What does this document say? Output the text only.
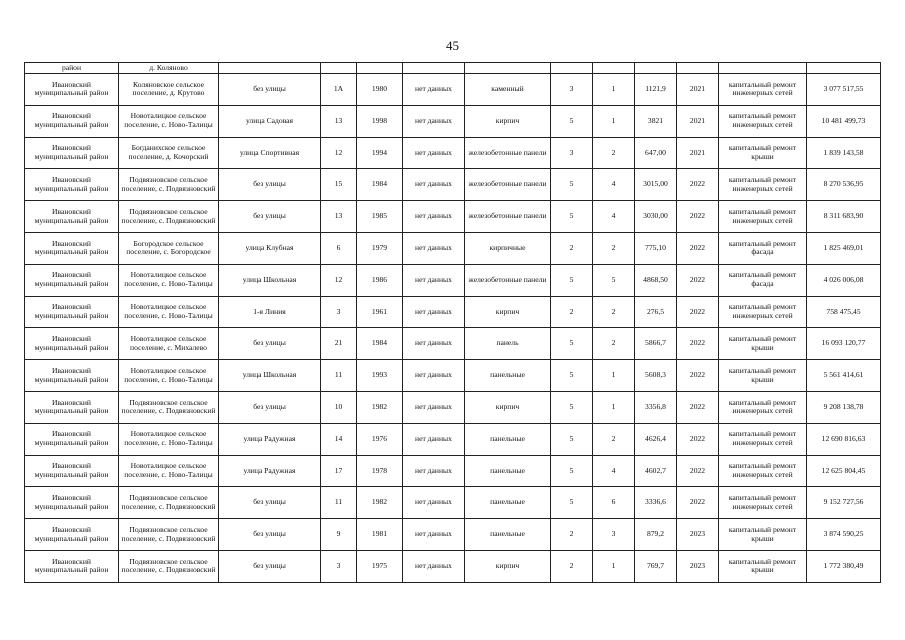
45
район	д. Колянoво											
Ивановский муниципальный район	Коляновское сельское поселение, д. Крутово	без улицы	1А	1980	нет данных	каменный	3	1	1121,9	2021	капитальный ремонт инженерных сетей	3 077 517,55
Ивановский муниципальный район	Новоталицкое сельское поселение, с. Ново-Талицы	улица Садовая	13	1998	нет данных	кирпич	5	1	3821	2021	капитальный ремонт инженерных сетей	10 481 499,73
Ивановский муниципальный район	Богданихское сельское поселение, д. Кочорский	улица Спортивная	12	1994	нет данных	железобетонные панели	3	2	647,00	2021	капитальный ремонт крыши	1 839 143,58
Ивановский муниципальный район	Подвязновское сельское поселение, с. Подвязновский	без улицы	15	1984	нет данных	железобетонные панели	5	4	3015,00	2022	капитальный ремонт инженерных сетей	8 270 536,95
Ивановский муниципальный район	Подвязновское сельское поселение, с. Подвязновский	без улицы	13	1985	нет данных	железобетонные панели	5	4	3030,00	2022	капитальный ремонт инженерных сетей	8 311 683,90
Ивановский муниципальный район	Богородское сельское поселение, с. Богородское	улица Клубная	6	1979	нет данных	кирпичные	2	2	775,10	2022	капитальный ремонт фасада	1 825 469,01
Ивановский муниципальный район	Новоталицкое сельское поселение, с. Ново-Талицы	улица Школьная	12	1986	нет данных	железобетонные панели	5	5	4868,50	2022	капитальный ремонт фасада	4 026 006,08
Ивановский муниципальный район	Новоталицкое сельское поселение, с. Ново-Талицы	1-я Линия	3	1961	нет данных	кирпич	2	2	276,5	2022	капитальный ремонт инженерных сетей	758 475,45
Ивановский муниципальный район	Новоталицкое сельское поселение, с. Михалево	без улицы	21	1984	нет данных	панель	5	2	5866,7	2022	капитальный ремонт крыши	16 093 120,77
Ивановский муниципальный район	Новоталицкое сельское поселение, с. Ново-Талицы	улица Школьная	11	1993	нет данных	панельные	5	1	5608,3	2022	капитальный ремонт крыши	5 561 414,61
Ивановский муниципальный район	Подвязновское сельское поселение, с. Подвязновский	без улицы	10	1982	нет данных	кирпич	5	1	3356,8	2022	капитальный ремонт инженерных сетей	9 208 138,78
Ивановский муниципальный район	Новоталицкое сельское поселение, с. Ново-Талицы	улица Радужная	14	1976	нет данных	панельные	5	2	4626,4	2022	капитальный ремонт инженерных сетей	12 690 816,63
Ивановский муниципальный район	Новоталицкое сельское поселение, с. Ново-Талицы	улица Радужная	17	1978	нет данных	панельные	5	4	4602,7	2022	капитальный ремонт инженерных сетей	12 625 804,45
Ивановский муниципальный район	Подвязновское сельское поселение, с. Подвязновский	без улицы	11	1982	нет данных	панельные	5	6	3336,6	2022	капитальный ремонт инженерных сетей	9 152 727,56
Ивановский муниципальный район	Подвязновское сельское поселение, с. Подвязновский	без улицы	9	1981	нет данных	панельные	2	3	879,2	2023	капитальный ремонт крыши	3 874 590,25
Ивановский муниципальный район	Подвязновское сельское поселение, с. Подвязновский	без улицы	3	1975	нет данных	кирпич	2	1	769,7	2023	капитальный ремонт крыши	1 772 380,49
